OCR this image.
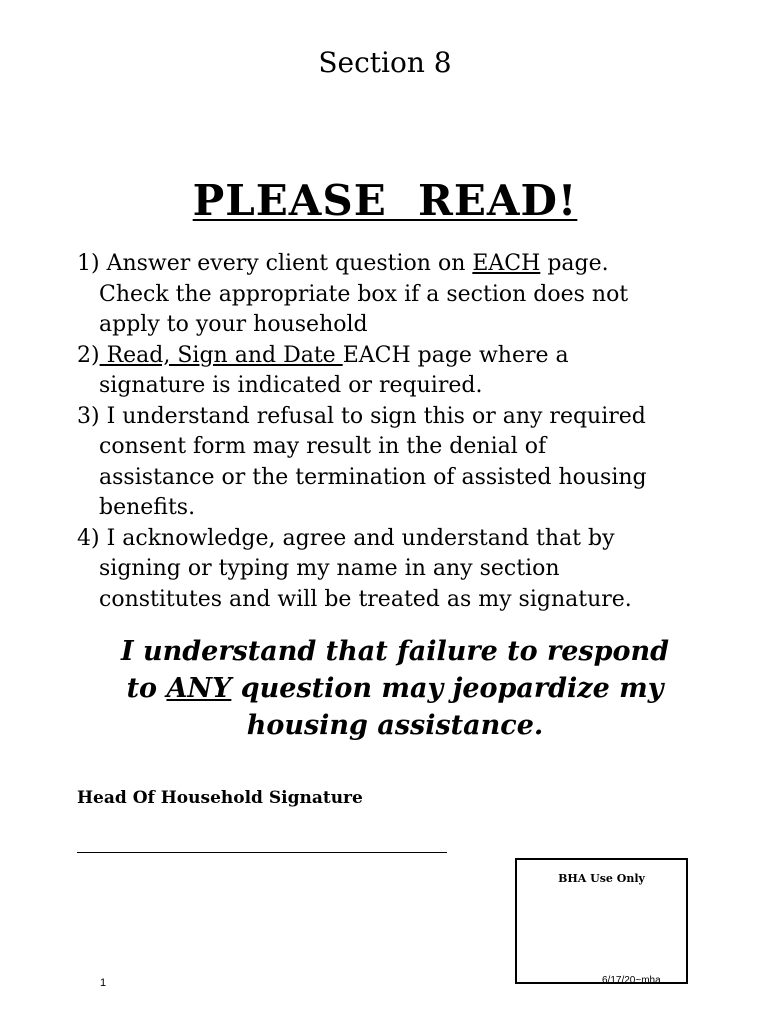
Section 8
PLEASE  READ!
1) Answer every client question on EACH page.
Check the appropriate box if a section does not
apply to your household
2) Read, Sign and Date EACH page where a
signature is indicated or required.
3) I understand refusal to sign this or any required
consent form may result in the denial of
assistance or the termination of assisted housing
benefits.
4) I acknowledge, agree and understand that by
signing or typing my name in any section
constitutes and will be treated as my signature.
I understand that failure to respond
to ANY question may jeopardize my
housing assistance.
Head Of Household Signature
BHA Use Only
1	6/17/20~mha
